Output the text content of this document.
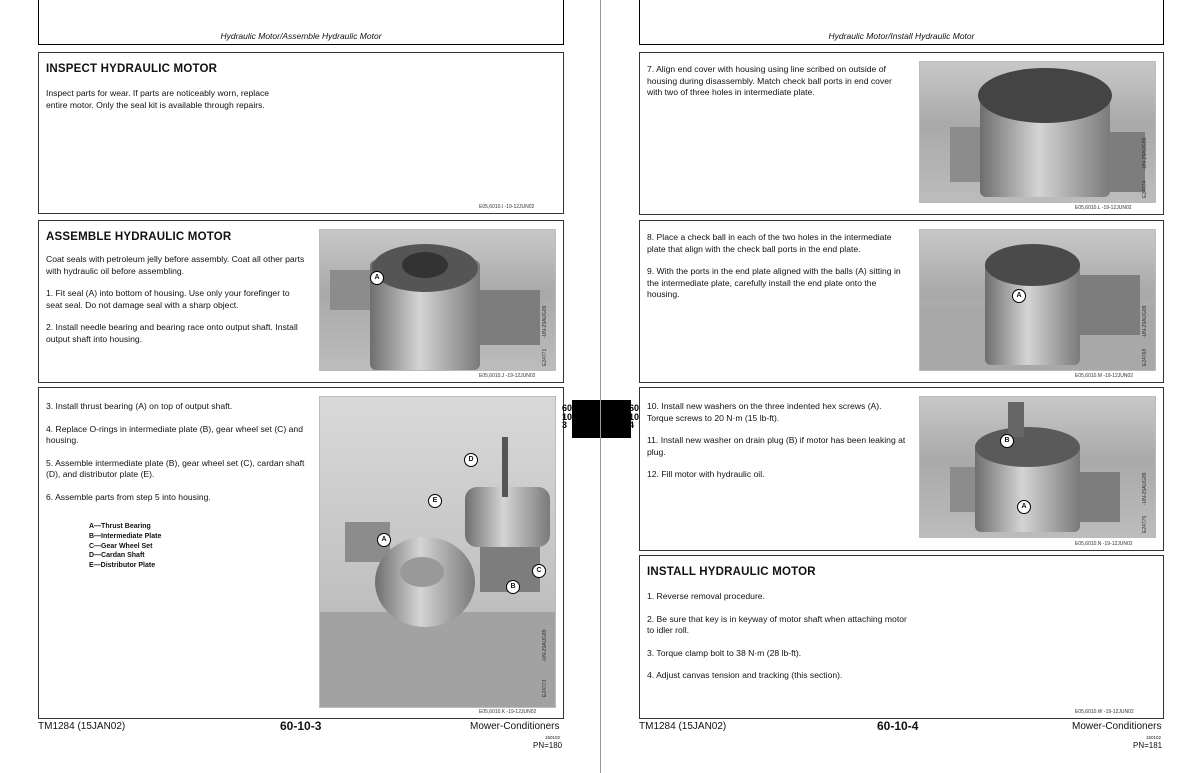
Hydraulic Motor/Assemble Hydraulic Motor
INSPECT HYDRAULIC MOTOR

Inspect parts for wear. If parts are noticeably worn, replace entire motor. Only the seal kit is available through repairs.

E05,6010.I -19-12JUN02
ASSEMBLE HYDRAULIC MOTOR

Coat seals with petroleum jelly before assembly. Coat all other parts with hydraulic oil before assembling.

1. Fit seal (A) into bottom of housing. Use only your forefinger to seat seal. Do not damage seal with a sharp object.

2. Install needle bearing and bearing race onto output shaft. Install output shaft into housing.

A
-UN-29AUG89
E24771
E05,6010.J -19-12JUN02

3. Install thrust bearing (A) on top of output shaft.

4. Replace O-rings in intermediate plate (B), gear wheel set (C) and housing.

5. Assemble intermediate plate (B), gear wheel set (C), cardan shaft (D), and distributor plate (E).

6. Assemble parts from step 5 into housing.

A—Thrust Bearing
B—Intermediate Plate
C—Gear Wheel Set
D—Cardan Shaft
E—Distributor Plate
D
E
A
C
B
-UN-29AUG89
E24773
E05,6010.K -19-12JUN02
60
10
3
TM1284 (15JAN02)	60-10-3	Mower-Conditioners
150102
PN=180
Hydraulic Motor/Install Hydraulic Motor
60
10
4

7. Align end cover with housing using line scribed on outside of housing during disassembly. Match check ball ports in end cover with two of three holes in intermediate plate.

-UN-29AUG89
E24774
E05,6010.L -19-12JUN02

8. Place a check ball in each of the two holes in the intermediate plate that align with the check ball ports in the end plate.

9. With the ports in the end plate aligned with the balls (A) sitting in the intermediate plate, carefully install the end plate onto the housing.	A
-UN-29AUG89
E24768
E05,6010.M -19-12JUN02

10. Install new washers on the three indented hex screws (A). Torque screws to 20 N·m (15 lb-ft).

11. Install new washer on drain plug (B) if motor has been leaking at plug.

12. Fill motor with hydraulic oil.

B
A
-UN-29AUG89
E24775
E05,6010.N -19-12JUN02
INSTALL HYDRAULIC MOTOR

1. Reverse removal procedure.

2. Be sure that key is in keyway of motor shaft when attaching motor to idler roll.

3. Torque clamp bolt to 38 N·m (28 lb-ft).

4. Adjust canvas tension and tracking (this section).

E05,6010.W -19-12JUN02
TM1284 (15JAN02)	60-10-4	Mower-Conditioners
150102
PN=181
